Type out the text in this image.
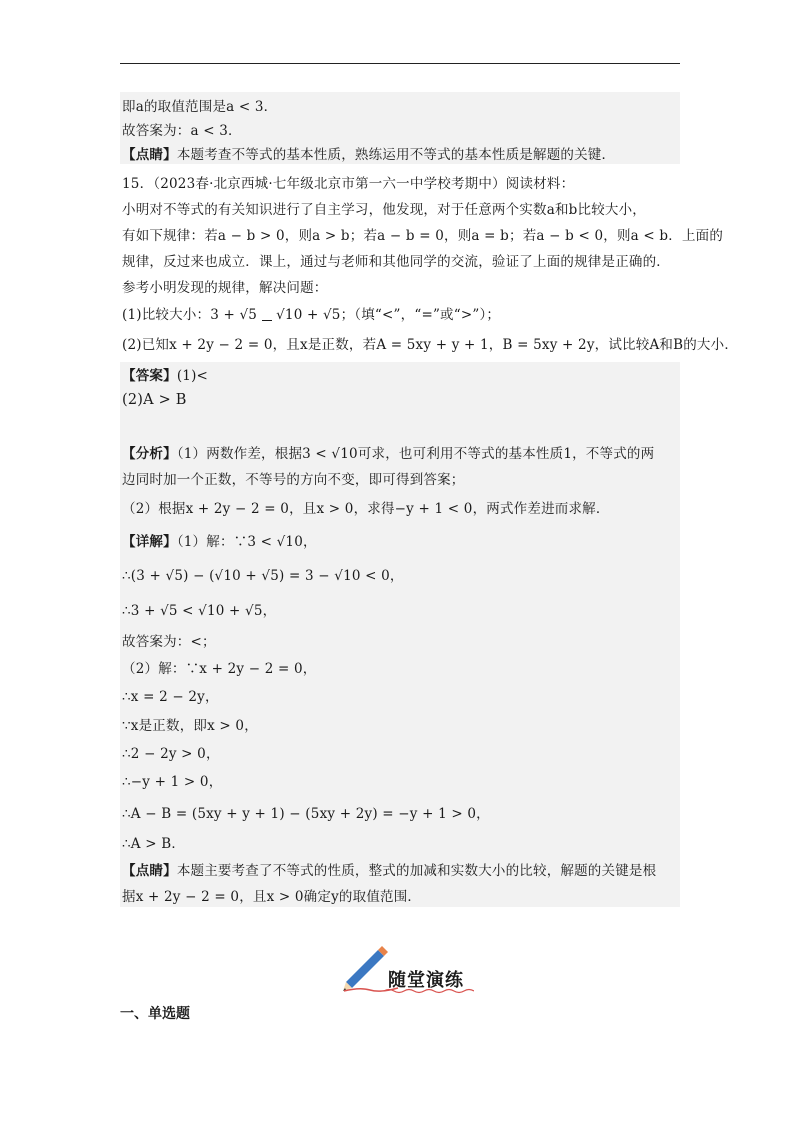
即a的取值范围是a < 3．
故答案为：a < 3．
【点睛】本题考查不等式的基本性质，熟练运用不等式的基本性质是解题的关键．
15．（2023春·北京西城·七年级北京市第一六一中学校考期中）阅读材料：
小明对不等式的有关知识进行了自主学习，他发现，对于任意两个实数a和b比较大小，
有如下规律：若a − b > 0，则a > b；若a − b = 0，则a = b；若a − b < 0，则a < b．上面的
规律，反过来也成立．课上，通过与老师和其他同学的交流，验证了上面的规律是正确的．
参考小明发现的规律，解决问题：
(1)比较大小：3 + √5 √10 + √5；（填“<”，“=”或“>”）；
(2)已知x + 2y − 2 = 0，且x是正数，若A = 5xy + y + 1，B = 5xy + 2y，试比较A和B的大小．
【答案】(1)<
(2)A > B
【分析】（1）两数作差，根据3 < √10可求，也可利用不等式的基本性质1，不等式的两
边同时加一个正数，不等号的方向不变，即可得到答案；
（2）根据x + 2y − 2 = 0，且x > 0，求得−y + 1 < 0，两式作差进而求解．
【详解】（1）解：∵3 < √10，
∴(3 + √5) − (√10 + √5) = 3 − √10 < 0，
∴3 + √5 < √10 + √5，
故答案为：<；
（2）解：∵x + 2y − 2 = 0，
∴x = 2 − 2y，
∵x是正数，即x > 0，
∴2 − 2y > 0，
∴−y + 1 > 0，
∴A − B = (5xy + y + 1) − (5xy + 2y) = −y + 1 > 0，
∴A > B．
【点睛】本题主要考查了不等式的性质，整式的加减和实数大小的比较，解题的关键是根
据x + 2y − 2 = 0，且x > 0确定y的取值范围．
随堂演练
一、单选题
